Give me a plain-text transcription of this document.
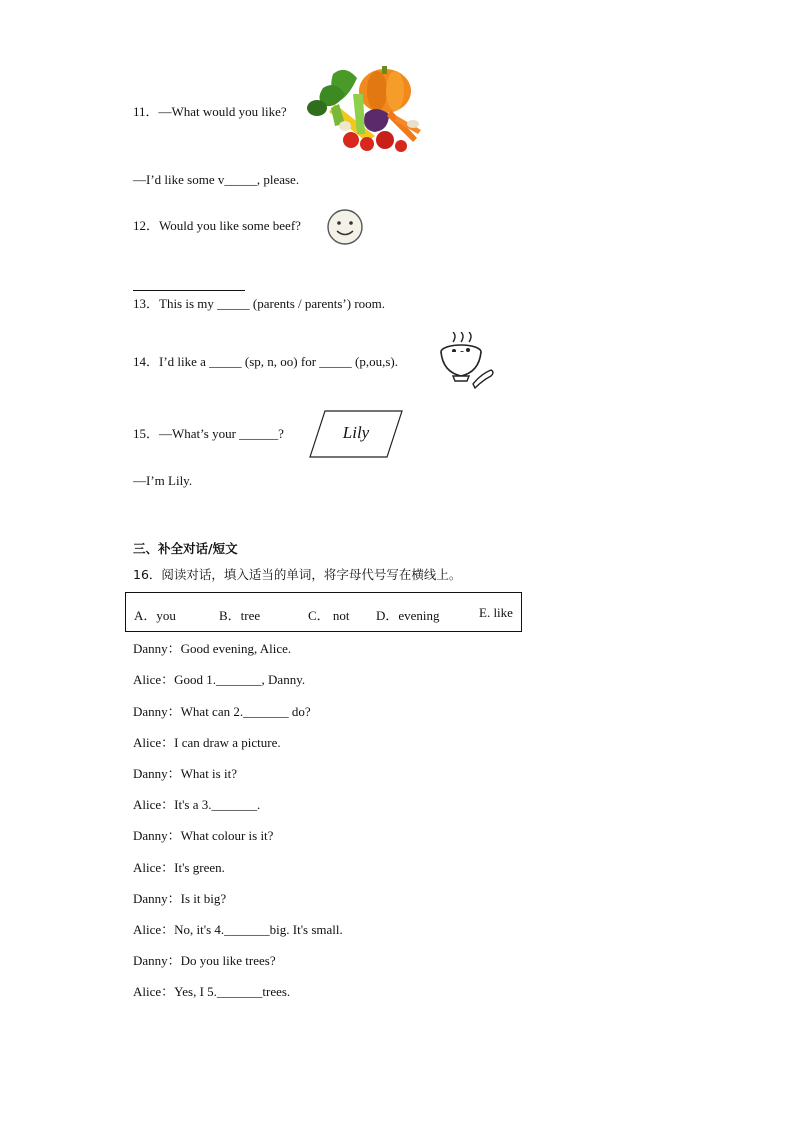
11．—What would you like?
—I’d like some v_____, please.
12．Would you like some beef?
13．This is my _____ (parents / parents’) room.
14．I’d like a _____ (sp, n, oo) for _____ (p,ou,s).
15．—What’s your ______?	Lily
—I’m Lily.
三、补全对话/短文
16．阅读对话，填入适当的单词，将字母代号写在横线上。
A．you	B．tree	C． not D．evening	E. like
Danny：Good evening, Alice.
Alice：Good 1._______, Danny.
Danny：What can 2._______ do?
Alice：I can draw a picture.
Danny：What is it?
Alice：It's a 3._______.
Danny：What colour is it?
Alice：It's green.
Danny：Is it big?
Alice：No, it's 4._______big. It's small.
Danny：Do you like trees?
Alice：Yes, I 5._______trees.
